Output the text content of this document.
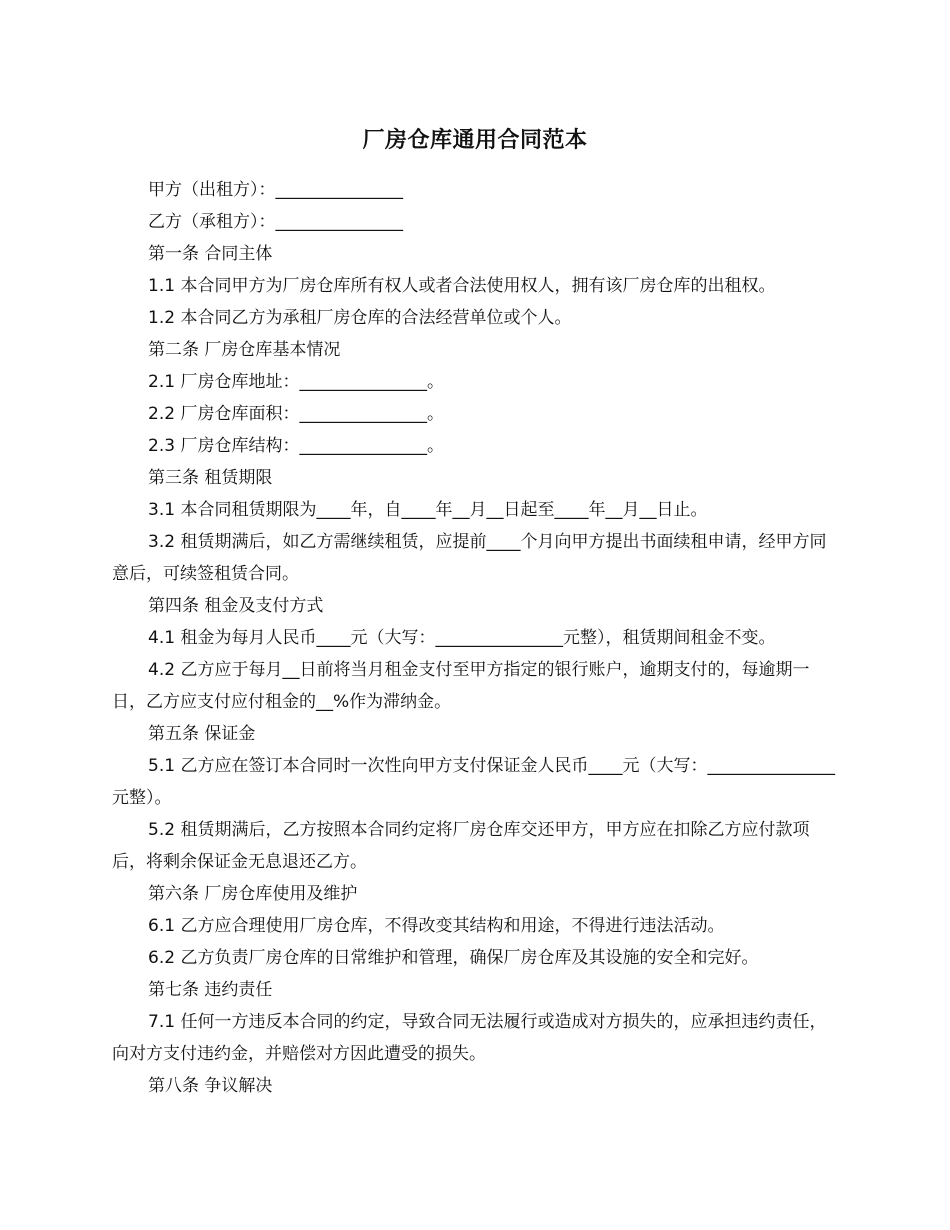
厂房仓库通用合同范本

甲方（出租方）：_______________

乙方（承租方）：_______________

第一条 合同主体

1.1 本合同甲方为厂房仓库所有权人或者合法使用权人，拥有该厂房仓库的出租权。

1.2 本合同乙方为承租厂房仓库的合法经营单位或个人。

第二条 厂房仓库基本情况

2.1 厂房仓库地址：_______________。

2.2 厂房仓库面积：_______________。

2.3 厂房仓库结构：_______________。

第三条 租赁期限

3.1 本合同租赁期限为____年，自____年__月__日起至____年__月__日止。

3.2 租赁期满后，如乙方需继续租赁，应提前____个月向甲方提出书面续租申请，经甲方同意后，可续签租赁合同。

第四条 租金及支付方式

4.1 租金为每月人民币____元（大写：_______________元整），租赁期间租金不变。

4.2 乙方应于每月__日前将当月租金支付至甲方指定的银行账户，逾期支付的，每逾期一日，乙方应支付应付租金的__%作为滞纳金。

第五条 保证金

5.1 乙方应在签订本合同时一次性向甲方支付保证金人民币____元（大写：_______________元整）。

5.2 租赁期满后，乙方按照本合同约定将厂房仓库交还甲方，甲方应在扣除乙方应付款项后，将剩余保证金无息退还乙方。

第六条 厂房仓库使用及维护

6.1 乙方应合理使用厂房仓库，不得改变其结构和用途，不得进行违法活动。

6.2 乙方负责厂房仓库的日常维护和管理，确保厂房仓库及其设施的安全和完好。

第七条 违约责任

7.1 任何一方违反本合同的约定，导致合同无法履行或造成对方损失的，应承担违约责任，向对方支付违约金，并赔偿对方因此遭受的损失。

第八条 争议解决
